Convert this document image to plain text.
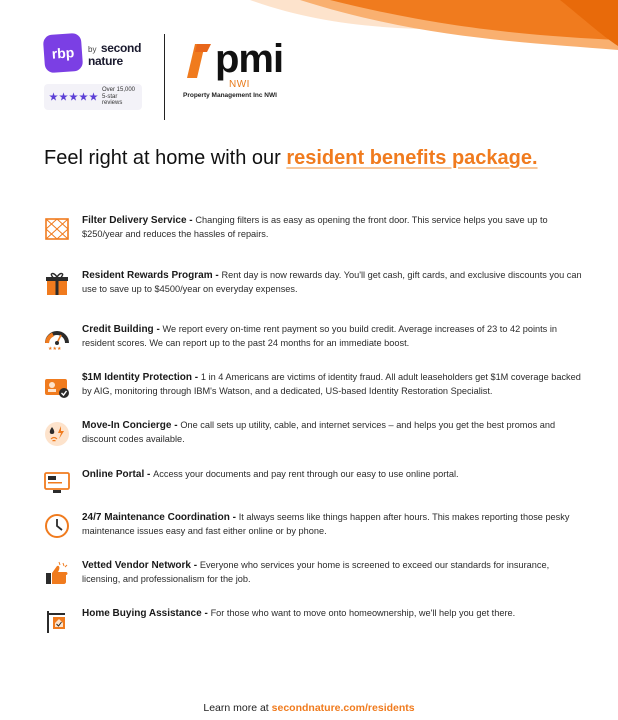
rbp	by second
nature
Over 15,000
5-star reviews
pmi
NWI
Property Management Inc NWI
Feel right at home with our resident benefits package.
Filter Delivery Service - Changing filters is as easy as opening the front door. This service helps you save up to $250/year and reduces the hassles of repairs.
Resident Rewards Program - Rent day is now rewards day. You'll get cash, gift cards, and exclusive discounts you can use to save up to $4500/year on everyday expenses.
★★★
Credit Building - We report every on-time rent payment so you build credit. Average increases of 23 to 42 points in resident scores. We can report up to the past 24 months for an immediate boost.
$1M Identity Protection - 1 in 4 Americans are victims of identity fraud. All adult leaseholders get $1M coverage backed by AIG, monitoring through IBM's Watson, and a dedicated, US-based Identity Restoration Specialist.
Move-In Concierge - One call sets up utility, cable, and internet services – and helps you get the best promos and discount codes available.
Online Portal - Access your documents and pay rent through our easy to use online portal.
24/7 Maintenance Coordination - It always seems like things happen after hours. This makes reporting those pesky maintenance issues easy and fast either online or by phone.
Vetted Vendor Network - Everyone who services your home is screened to exceed our standards for insurance, licensing, and professionalism for the job.
Home Buying Assistance - For those who want to move onto homeownership, we'll help you get there.
Learn more at secondnature.com/residents
